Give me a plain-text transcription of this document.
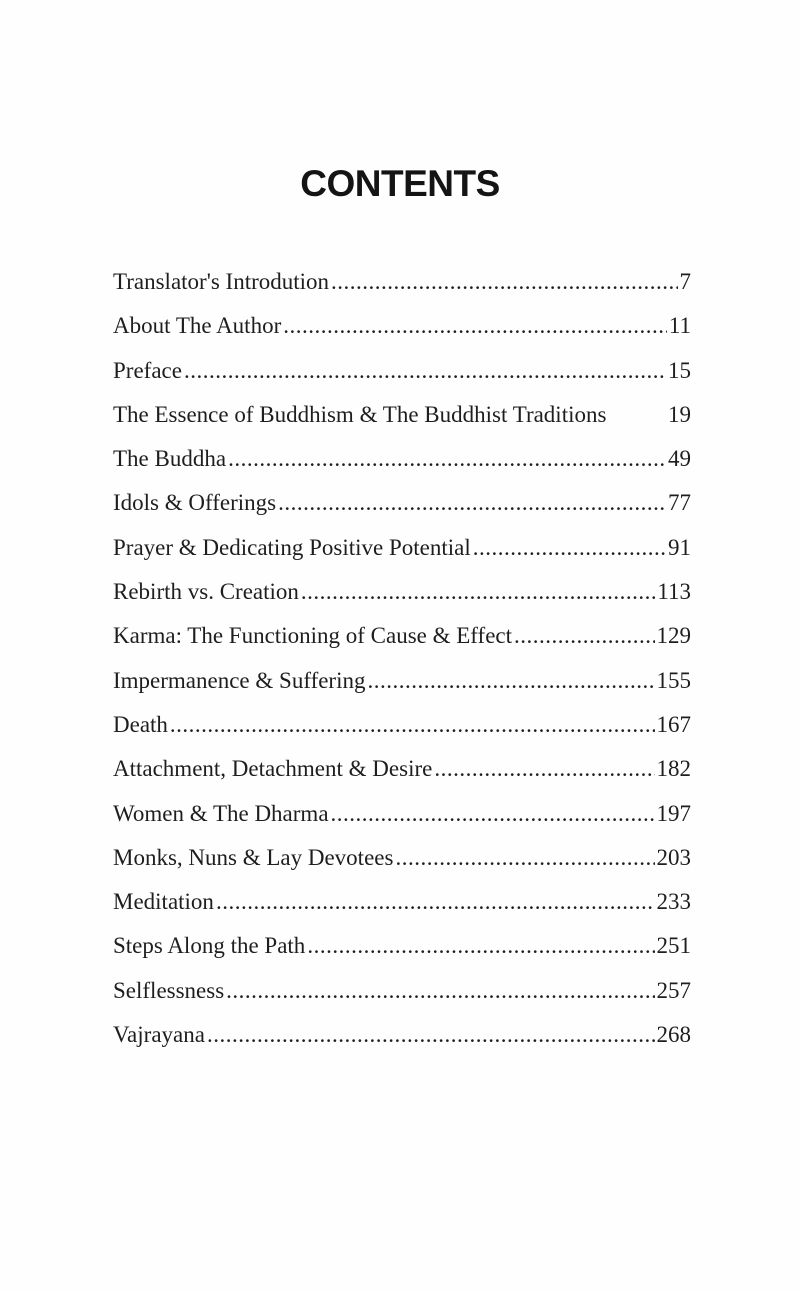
CONTENTS
Translator's Introdution .....	7
About The Author .....	11
Preface .....	15
The Essence of Buddhism & The Buddhist Traditions	19
The Buddha .....	49
Idols & Offerings .....	77
Prayer & Dedicating Positive Potential .....	91
Rebirth vs. Creation .....	113
Karma: The Functioning of Cause & Effect .....	129
Impermanence & Suffering .....	155
Death .....	167
Attachment, Detachment & Desire .....	182
Women & The Dharma .....	197
Monks, Nuns & Lay Devotees .....	203
Meditation .....	233
Steps Along the Path .....	251
Selflessness .....	257
Vajrayana .....	268
